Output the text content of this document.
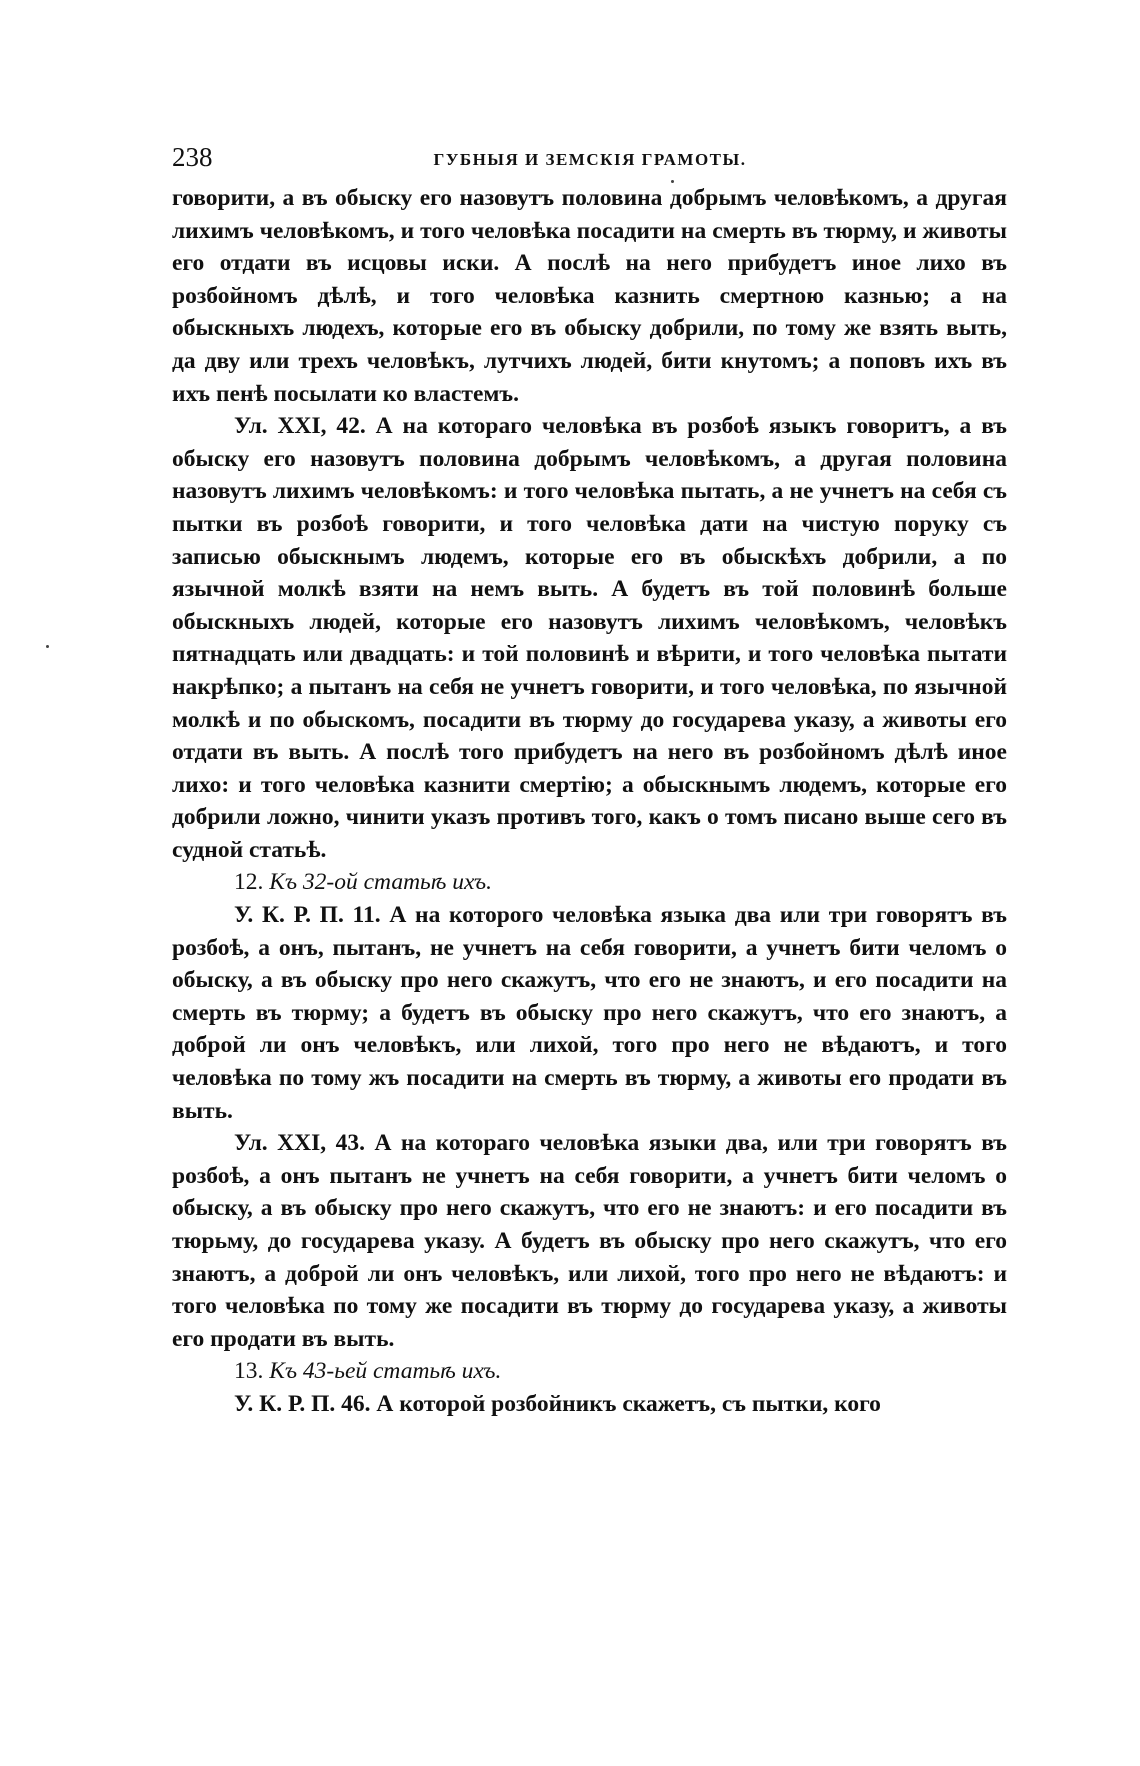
238	ГУБНЫЯ И ЗЕМСКІЯ ГРАМОТЫ.

говорити, а въ обыску его назовутъ половина добрымъ человѣкомъ, а другая лихимъ человѣкомъ, и того человѣка посадити на смерть въ тюрму, и животы его отдати въ исцовы иски. А послѣ на него прибудетъ иное лихо въ розбойномъ дѣлѣ, и того человѣка казнить смертною казнью; а на обыскныхъ людехъ, которые его въ обыску добрили, по тому же взять выть, да дву или трехъ человѣкъ, лутчихъ людей, бити кнутомъ; а поповъ ихъ въ ихъ пенѣ посылати ко властемъ.

Ул. XXI, 42. А на котораго человѣка въ розбоѣ языкъ говоритъ, а въ обыску его назовутъ половина добрымъ человѣкомъ, а другая половина назовутъ лихимъ человѣкомъ: и того человѣка пытать, а не учнетъ на себя съ пытки въ розбоѣ говорити, и того человѣка дати на чистую поруку съ записью обыскнымъ людемъ, которые его въ обыскѣхъ добрили, а по язычной молкѣ взяти на немъ выть. А будетъ въ той половинѣ больше обыскныхъ людей, которые его назовутъ лихимъ человѣкомъ, человѣкъ пятнадцать или двадцать: и той половинѣ и вѣрити, и того человѣка пытати накрѣпко; а пытанъ на себя не учнетъ говорити, и того человѣка, по язычной молкѣ и по обыскомъ, посадити въ тюрму до государева указу, а животы его отдати въ выть. А послѣ того прибудетъ на него въ розбойномъ дѣлѣ иное лихо: и того человѣка казнити смертію; а обыскнымъ людемъ, которые его добрили ложно, чинити указъ противъ того, какъ о томъ писано выше сего въ судной статьѣ.

12. Къ 32-ой статьѣ ихъ.

У. К. Р. П. 11. А на которого человѣка языка два или три говорятъ въ розбоѣ, а онъ, пытанъ, не учнетъ на себя говорити, а учнетъ бити челомъ о обыску, а въ обыску про него скажутъ, что его не знаютъ, и его посадити на смерть въ тюрму; а будетъ въ обыску про него скажутъ, что его знаютъ, а доброй ли онъ человѣкъ, или лихой, того про него не вѣдаютъ, и того человѣка по тому жъ посадити на смерть въ тюрму, а животы его продати въ выть.

Ул. XXI, 43. А на котораго человѣка языки два, или три говорятъ въ розбоѣ, а онъ пытанъ не учнетъ на себя говорити, а учнетъ бити челомъ о обыску, а въ обыску про него скажутъ, что его не знаютъ: и его посадити въ тюрьму, до государева указу. А будетъ въ обыску про него скажутъ, что его знаютъ, а доброй ли онъ человѣкъ, или лихой, того про него не вѣдаютъ: и того человѣка по тому же посадити въ тюрму до государева указу, а животы его продати въ выть.

13. Къ 43-ьей статьѣ ихъ.

У. К. Р. П. 46. А которой розбойникъ скажетъ, съ пытки, кого
